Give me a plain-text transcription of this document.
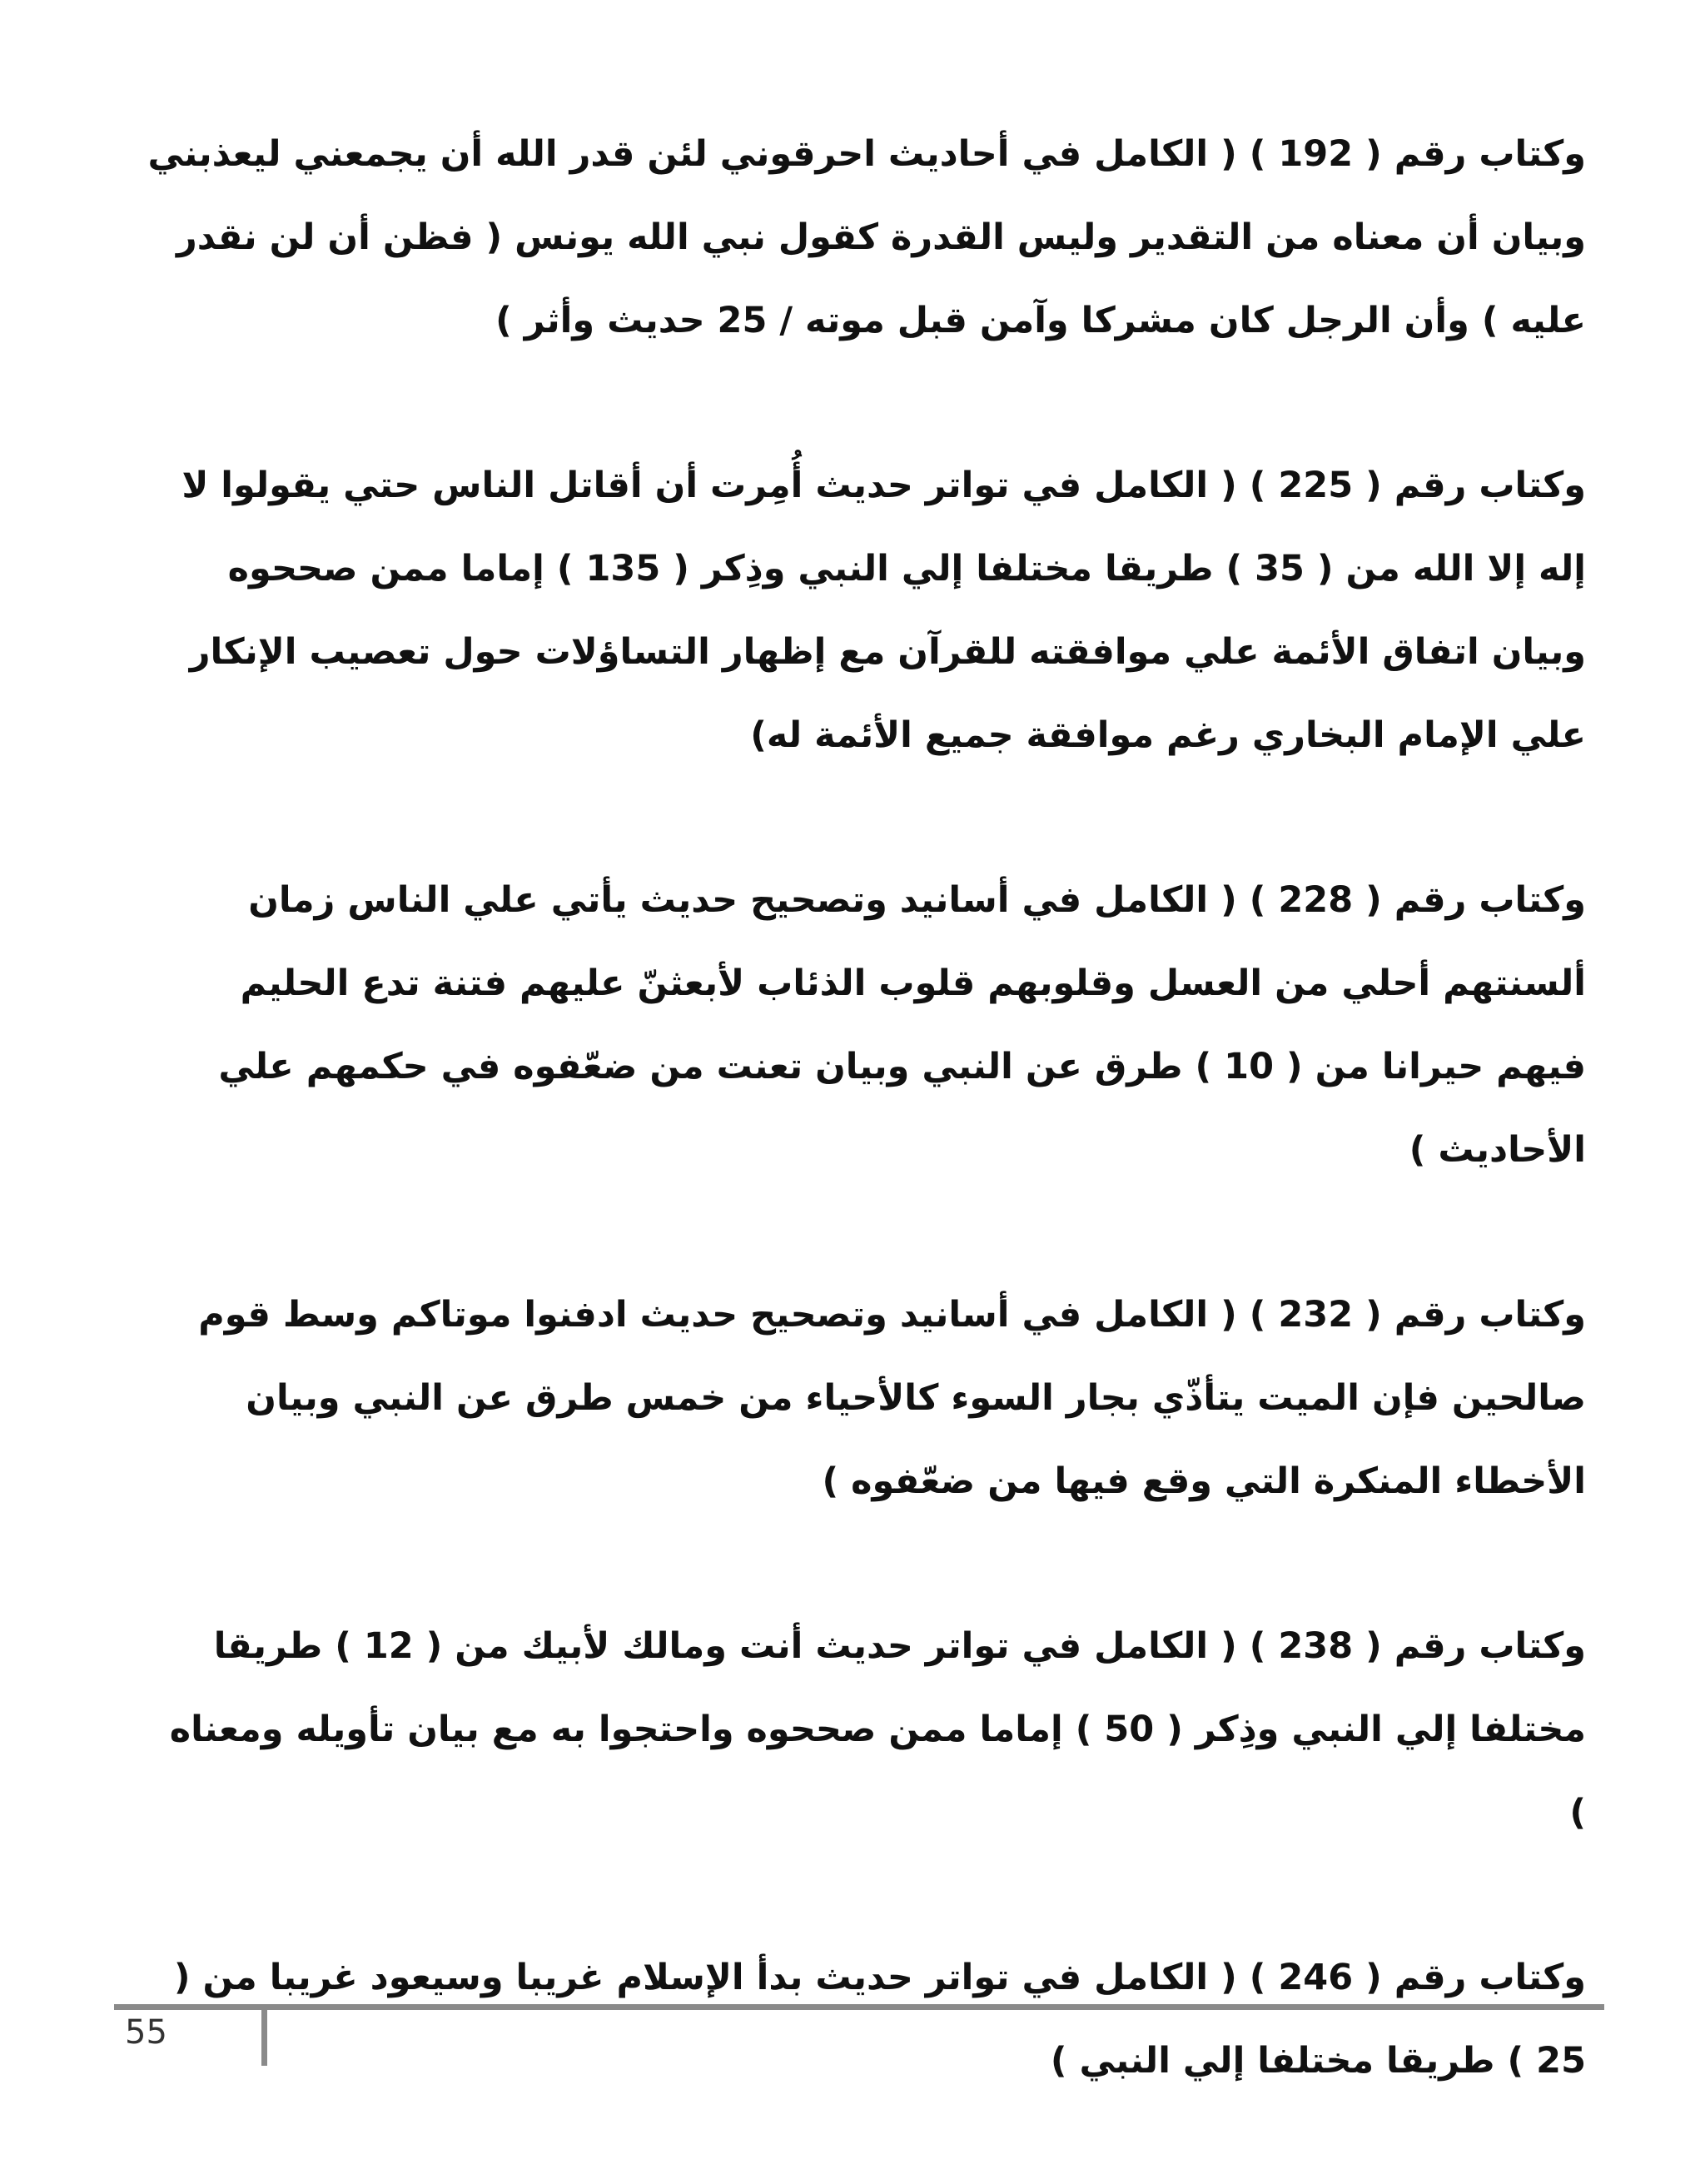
وكتاب رقم ( 192 ) ( الكامل في أحاديث احرقوني لئن قدر الله أن يجمعني ليعذبني وبيان أن معناه من التقدير وليس القدرة كقول نبي الله يونس ( فظن أن لن نقدر عليه ) وأن الرجل كان مشركا وآمن قبل موته / 25 حديث وأثر )

وكتاب رقم ( 225 ) ( الكامل في تواتر حديث أُمِرت أن أقاتل الناس حتي يقولوا لا إله إلا الله من ( 35 ) طريقا مختلفا إلي النبي وذِكر ( 135 ) إماما ممن صححوه وبيان اتفاق الأئمة علي موافقته للقرآن مع إظهار التساؤلات حول تعصيب الإنكار علي الإمام البخاري رغم موافقة جميع الأئمة له)

وكتاب رقم ( 228 ) ( الكامل في أسانيد وتصحيح حديث يأتي علي الناس زمان ألسنتهم أحلي من العسل وقلوبهم قلوب الذئاب لأبعثنّ عليهم فتنة تدع الحليم فيهم حيرانا من ( 10 ) طرق عن النبي وبيان تعنت من ضعّفوه في حكمهم علي الأحاديث )

وكتاب رقم ( 232 ) ( الكامل في أسانيد وتصحيح حديث ادفنوا موتاكم وسط قوم صالحين فإن الميت يتأذّي بجار السوء كالأحياء من خمس طرق عن النبي وبيان الأخطاء المنكرة التي وقع فيها من ضعّفوه )

وكتاب رقم ( 238 ) ( الكامل في تواتر حديث أنت ومالك لأبيك من ( 12 ) طريقا مختلفا إلي النبي وذِكر ( 50 ) إماما ممن صححوه واحتجوا به مع بيان تأويله ومعناه )

وكتاب رقم ( 246 ) ( الكامل في تواتر حديث بدأ الإسلام غريبا وسيعود غريبا من ( 25 ) طريقا مختلفا إلي النبي )

55
